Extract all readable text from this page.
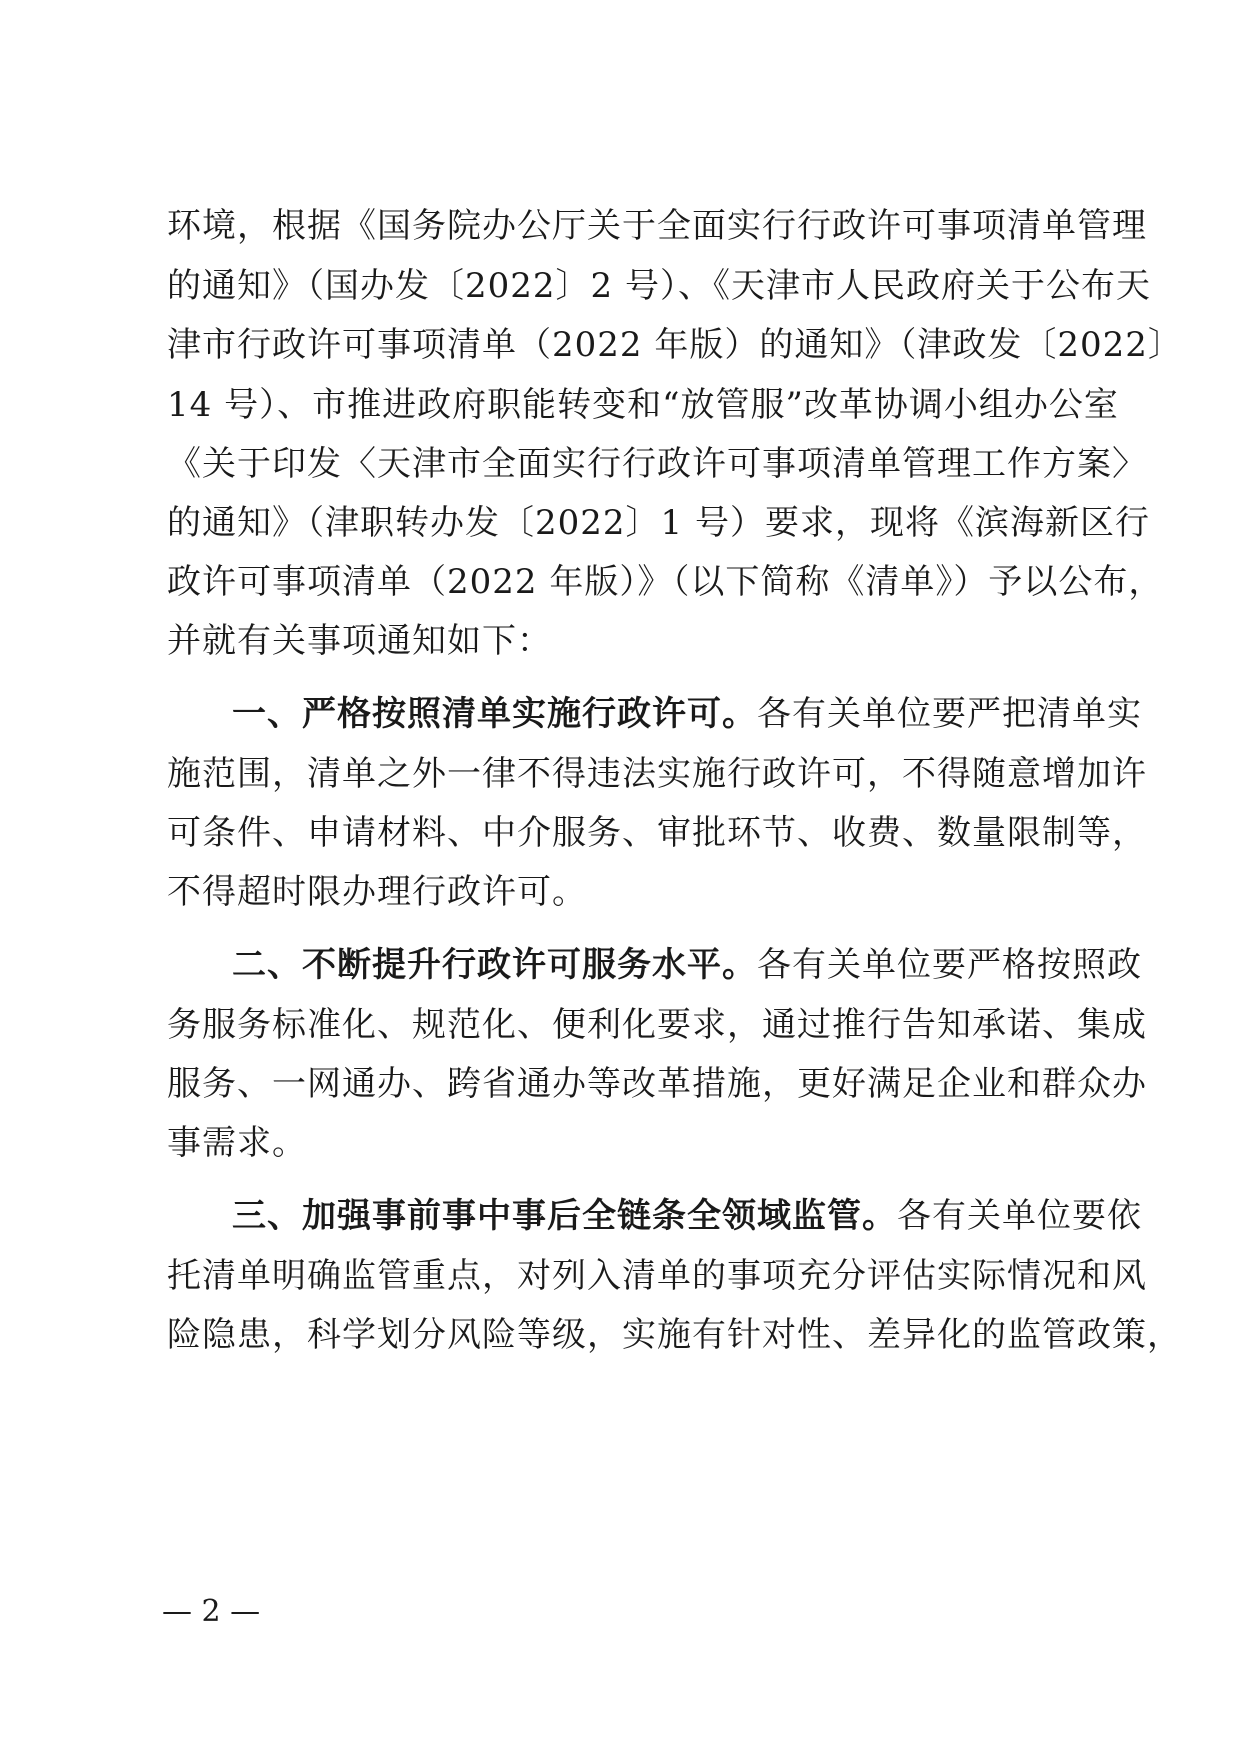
环境，根据《国务院办公厅关于全面实行行政许可事项清单管理
的通知》（国办发〔2022〕2 号）、《天津市人民政府关于公布天
津市行政许可事项清单（2022 年版）的通知》（津政发〔2022〕
14 号）、市推进政府职能转变和“放管服”改革协调小组办公室
《关于印发〈天津市全面实行行政许可事项清单管理工作方案〉
的通知》（津职转办发〔2022〕1 号）要求，现将《滨海新区行
政许可事项清单（2022 年版）》（以下简称《清单》）予以公布，
并就有关事项通知如下：
一、严格按照清单实施行政许可。各有关单位要严把清单实
施范围，清单之外一律不得违法实施行政许可，不得随意增加许
可条件、申请材料、中介服务、审批环节、收费、数量限制等，
不得超时限办理行政许可。
二、不断提升行政许可服务水平。各有关单位要严格按照政
务服务标准化、规范化、便利化要求，通过推行告知承诺、集成
服务、一网通办、跨省通办等改革措施，更好满足企业和群众办
事需求。
三、加强事前事中事后全链条全领域监管。各有关单位要依
托清单明确监管重点，对列入清单的事项充分评估实际情况和风
险隐患，科学划分风险等级，实施有针对性、差异化的监管政策，
— 2 —
